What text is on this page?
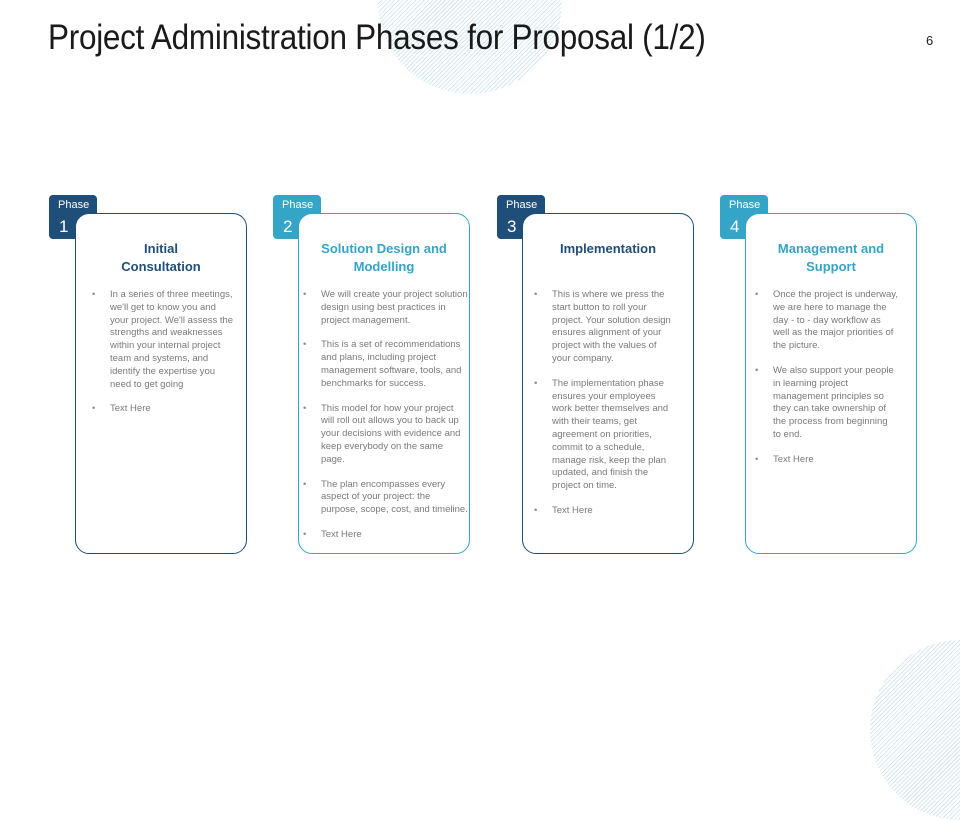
Project Administration Phases for Proposal (1/2)	6
Phase
1
Initial
Consultation
• In a series of three meetings, we'll get to know you and your project. We'll assess the strengths and weaknesses within your internal project team and systems, and identify the expertise you need to get going
• Text Here
Phase
2
Solution Design and
Modelling
• We will create your project solution design using best practices in project management.
• This is a set of recommendations and plans, including project management software, tools, and benchmarks for success.
• This model for how your project will roll out allows you to back up your decisions with evidence and keep everybody on the same page.
• The plan encompasses every aspect of your project: the purpose, scope, cost, and timeline.
• Text Here
Phase
3
Implementation
• This is where we press the start button to roll your project. Your solution design ensures alignment of your project with the values of your company.
• The implementation phase ensures your employees work better themselves and with their teams, get agreement on priorities, commit to a schedule, manage risk, keep the plan updated, and finish the project on time.
• Text Here
Phase
4
Management and
Support
• Once the project is underway, we are here to manage the day - to - day workflow as well as the major priorities of the picture.
• We also support your people in learning project management principles so they can take ownership of the process from beginning to end.
• Text Here
